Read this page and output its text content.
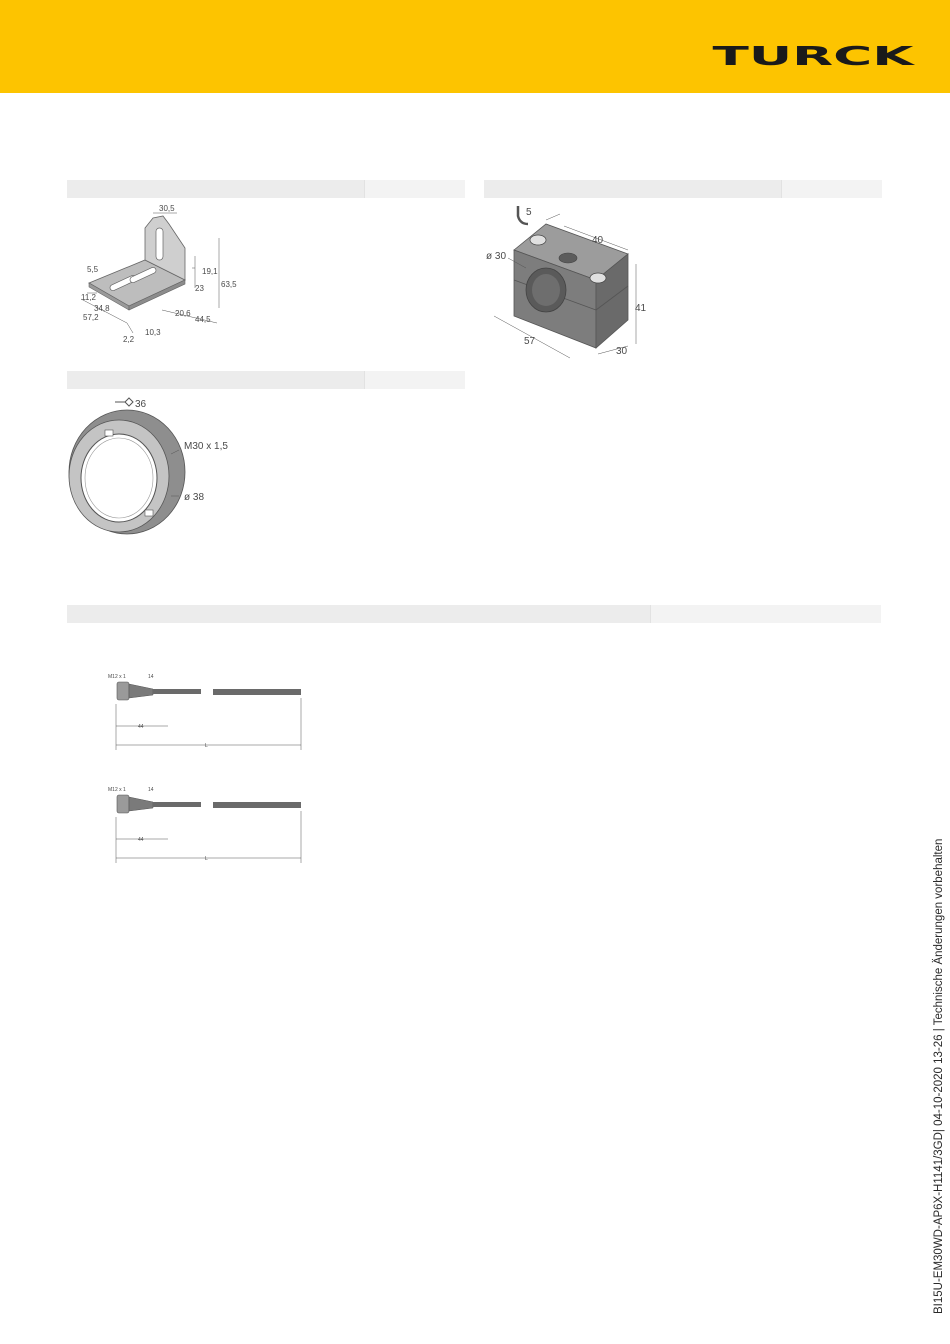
TURCK
30,5
5,5	19,1
63,5
23
11,2
34,8
20,6
57,2	44,5
10,3
2,2
5
ø 30
40
41
57
30
36
M30 x 1,5
ø 38
M12 x 1	14
44
L
M12 x 1	14
44
L	BI15U-EM30WD-AP6X-H1141/3GD| 04-10-2020 13-26 | Technische Änderungen vorbehalten
